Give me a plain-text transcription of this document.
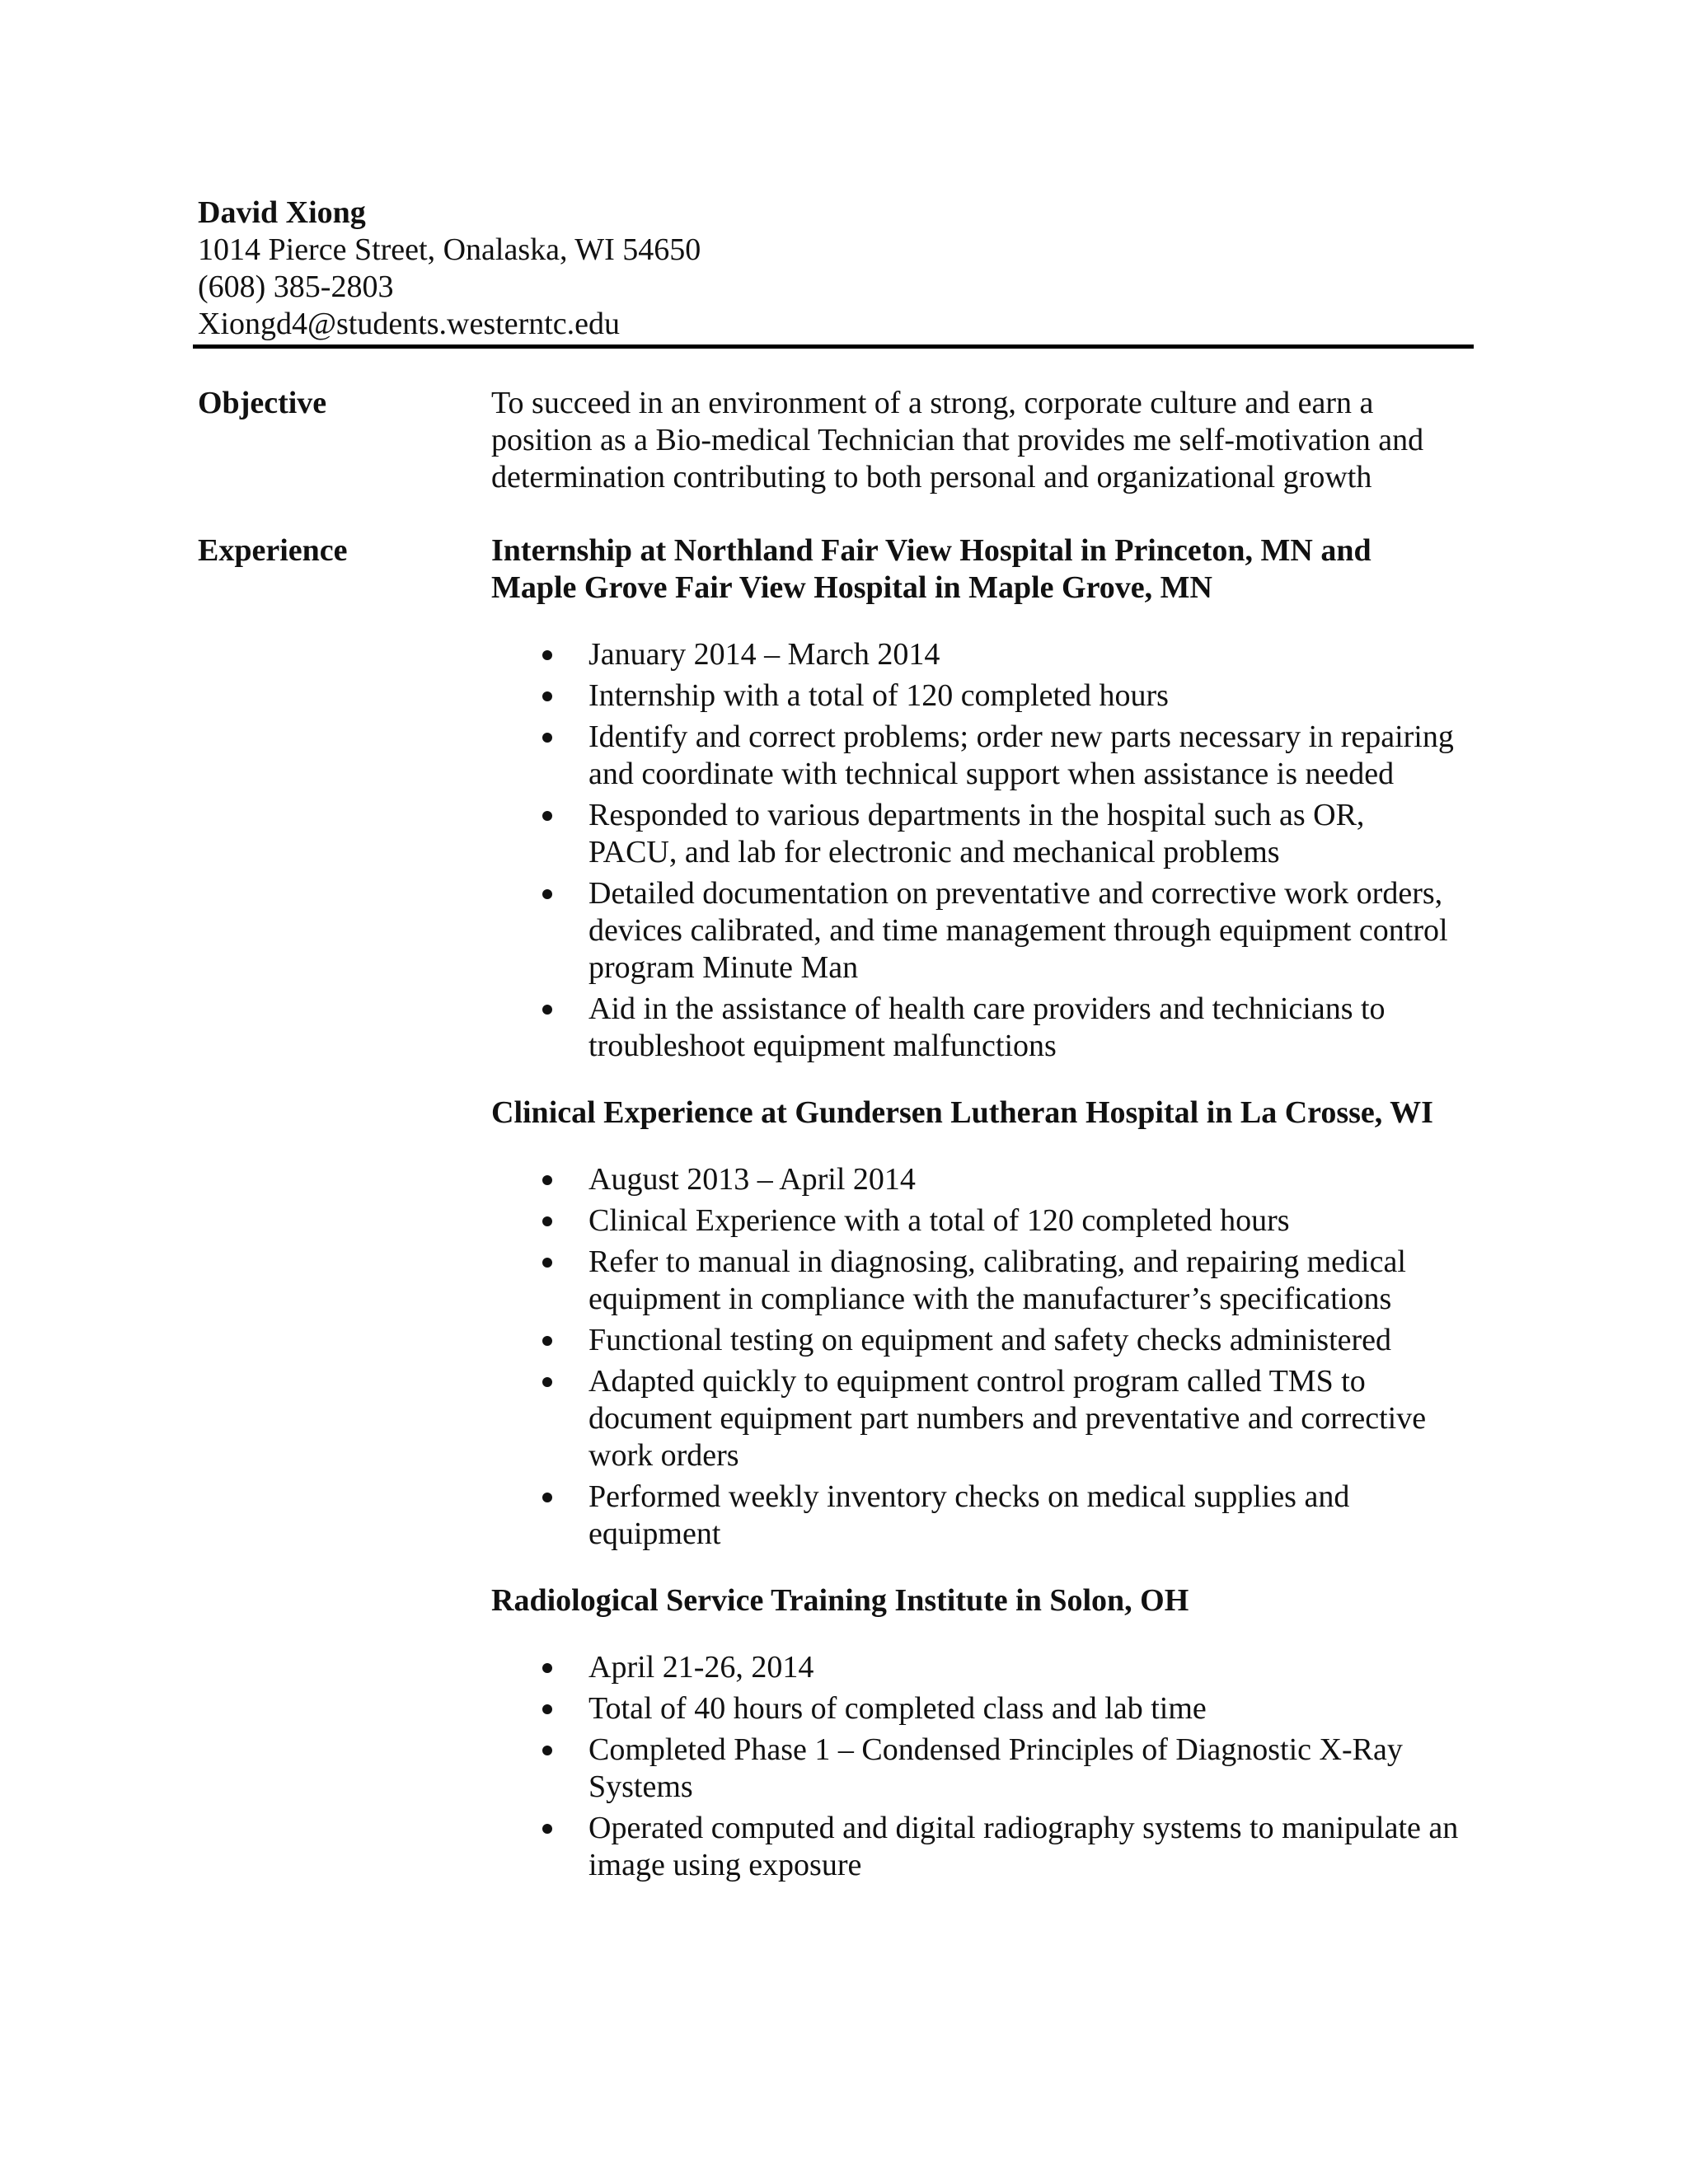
David Xiong

1014 Pierce Street, Onalaska, WI 54650

(608) 385-2803

Xiongd4@students.westerntc.edu

Objective	To succeed in an environment of a strong, corporate culture and earn a

position as a Bio-medical Technician that provides me self-motivation and

determination contributing to both personal and organizational growth

Experience	Internship at Northland Fair View Hospital in Princeton, MN and

Maple Grove Fair View Hospital in Maple Grove, MN

January 2014 – March 2014

Internship with a total of 120 completed hours

Identify and correct problems; order new parts necessary in repairing

and coordinate with technical support when assistance is needed

Responded to various departments in the hospital such as OR,

PACU, and lab for electronic and mechanical problems

Detailed documentation on preventative and corrective work orders,

devices calibrated, and time management through equipment control

program Minute Man

Aid in the assistance of health care providers and technicians to

troubleshoot equipment malfunctions

Clinical Experience at Gundersen Lutheran Hospital in La Crosse, WI

August 2013 – April 2014

Clinical Experience with a total of 120 completed hours

Refer to manual in diagnosing, calibrating, and repairing medical

equipment in compliance with the manufacturer’s specifications

Functional testing on equipment and safety checks administered

Adapted quickly to equipment control program called TMS to

document equipment part numbers and preventative and corrective

work orders

Performed weekly inventory checks on medical supplies and

equipment

Radiological Service Training Institute in Solon, OH

April 21-26, 2014

Total of 40 hours of completed class and lab time

Completed Phase 1 – Condensed Principles of Diagnostic X-Ray

Systems

Operated computed and digital radiography systems to manipulate an

image using exposure
